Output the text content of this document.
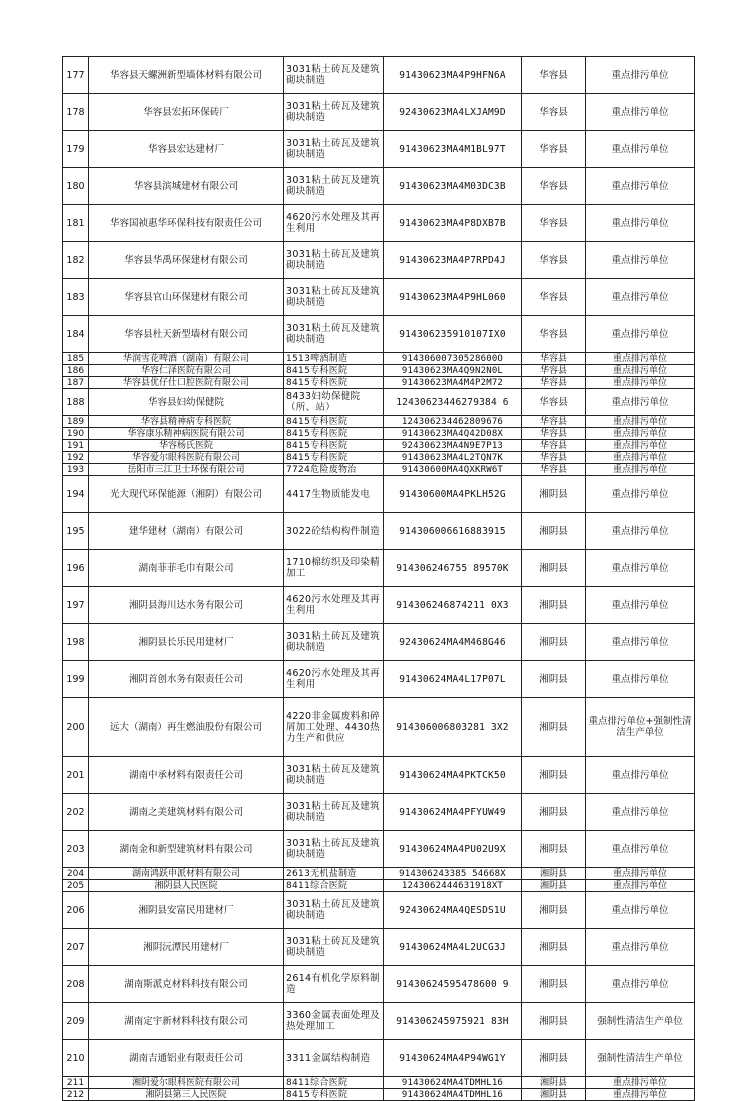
177	华容县天螺洲新型墙体材料有限公司	3031粘土砖瓦及建筑砌块制造	91430623MA4P9HFN6A	华容县	重点排污单位
178	华容县宏拓环保砖厂	3031粘土砖瓦及建筑砌块制造	92430623MA4LXJAM9D	华容县	重点排污单位
179	华容县宏达建材厂	3031粘土砖瓦及建筑砌块制造	91430623MA4M1BL97T	华容县	重点排污单位
180	华容县滨城建材有限公司	3031粘土砖瓦及建筑砌块制造	91430623MA4M03DC3B	华容县	重点排污单位
181	华容国祯惠华环保科技有限责任公司	4620污水处理及其再生利用	91430623MA4P8DXB7B	华容县	重点排污单位
182	华容县华禹环保建材有限公司	3031粘土砖瓦及建筑砌块制造	91430623MA4P7RPD4J	华容县	重点排污单位
183	华容县官山环保建材有限公司	3031粘土砖瓦及建筑砌块制造	91430623MA4P9HL060	华容县	重点排污单位
184	华容县杜天新型墙材有限公司	3031粘土砖瓦及建筑砌块制造	914306235910107IX0	华容县	重点排污单位
185	华润雪花啤酒（湖南）有限公司	1513啤酒制造	91430600730528600O	华容县	重点排污单位
186	华容仁泽医院有限公司	8415专科医院	91430623MA4Q9N2N0L	华容县	重点排污单位
187	华容县优仔仕口腔医院有限公司	8415专科医院	91430623MA4M4P2M72	华容县	重点排污单位
188	华容县妇幼保健院	8433妇幼保健院（所、站）	12430623446279384 6	华容县	重点排污单位
189	华容县精神病专科医院	8415专科医院	124306234462809676	华容县	重点排污单位
190	华容康乐精神病医院有限公司	8415专科医院	91430623MA4Q42D08X	华容县	重点排污单位
191	华容杨氏医院	8415专科医院	92430623MA4N9E7P13	华容县	重点排污单位
192	华容爱尔眼科医院有限公司	8415专科医院	91430623MA4L2TQN7K	华容县	重点排污单位
193	岳阳市三江卫士环保有限公司	7724危险废物治	91430600MA4QXKRW6T	华容县	重点排污单位
194	光大现代环保能源（湘阴）有限公司	4417生物质能发电	91430600MA4PKLH52G	湘阴县	重点排污单位
195	建华建材（湖南）有限公司	3022砼结构构件制造	914306006616883915	湘阴县	重点排污单位
196	湖南菲菲毛巾有限公司	1710棉纺织及印染精加工	914306246755 89570K	湘阴县	重点排污单位
197	湘阴县海川达水务有限公司	4620污水处理及其再生利用	914306246874211 0X3	湘阴县	重点排污单位
198	湘阴县长乐民用建材厂	3031粘土砖瓦及建筑砌块制造	92430624MA4M468G46	湘阴县	重点排污单位
199	湘阴首创水务有限责任公司	4620污水处理及其再生利用	91430624MA4L17P07L	湘阴县	重点排污单位
200	远大（湖南）再生燃油股份有限公司	4220非金属废料和碎屑加工处理、4430热力生产和供应	914306006803281 3X2	湘阴县	重点排污单位+强制性清洁生产单位
201	湖南中承材料有限责任公司	3031粘土砖瓦及建筑砌块制造	91430624MA4PKTCK50	湘阴县	重点排污单位
202	湖南之美建筑材料有限公司	3031粘土砖瓦及建筑砌块制造	91430624MA4PFYUW49	湘阴县	重点排污单位
203	湖南金和新型建筑材料有限公司	3031粘土砖瓦及建筑砌块制造	91430624MA4PU02U9X	湘阴县	重点排污单位
204	湖南鸿跃申派材料有限公司	2613无机盐制造	914306243385 54668X	湘阴县	重点排污单位
205	湘阴县人民医院	8411综合医院	1243062444631918XT	湘阴县	重点排污单位
206	湘阴县安富民用建材厂	3031粘土砖瓦及建筑砌块制造	92430624MA4QESDS1U	湘阴县	重点排污单位
207	湘阴沅潭民用建材厂	3031粘土砖瓦及建筑砌块制造	91430624MA4L2UCG3J	湘阴县	重点排污单位
208	湖南斯派克材料科技有限公司	2614有机化学原料制造	91430624595478600 9	湘阴县	重点排污单位
209	湖南定宇新材料科技有限公司	3360金属表面处理及热处理加工	914306245975921 83H	湘阴县	强制性清洁生产单位
210	湖南吉通铝业有限责任公司	3311金属结构制造	91430624MA4P94WG1Y	湘阴县	强制性清洁生产单位
211	湘阴爱尔眼科医院有限公司	8411综合医院	91430624MA4TDMHL16	湘阴县	重点排污单位
212	湘阴县第三人民医院	8415专科医院	91430624MA4TDMHL16	湘阴县	重点排污单位
